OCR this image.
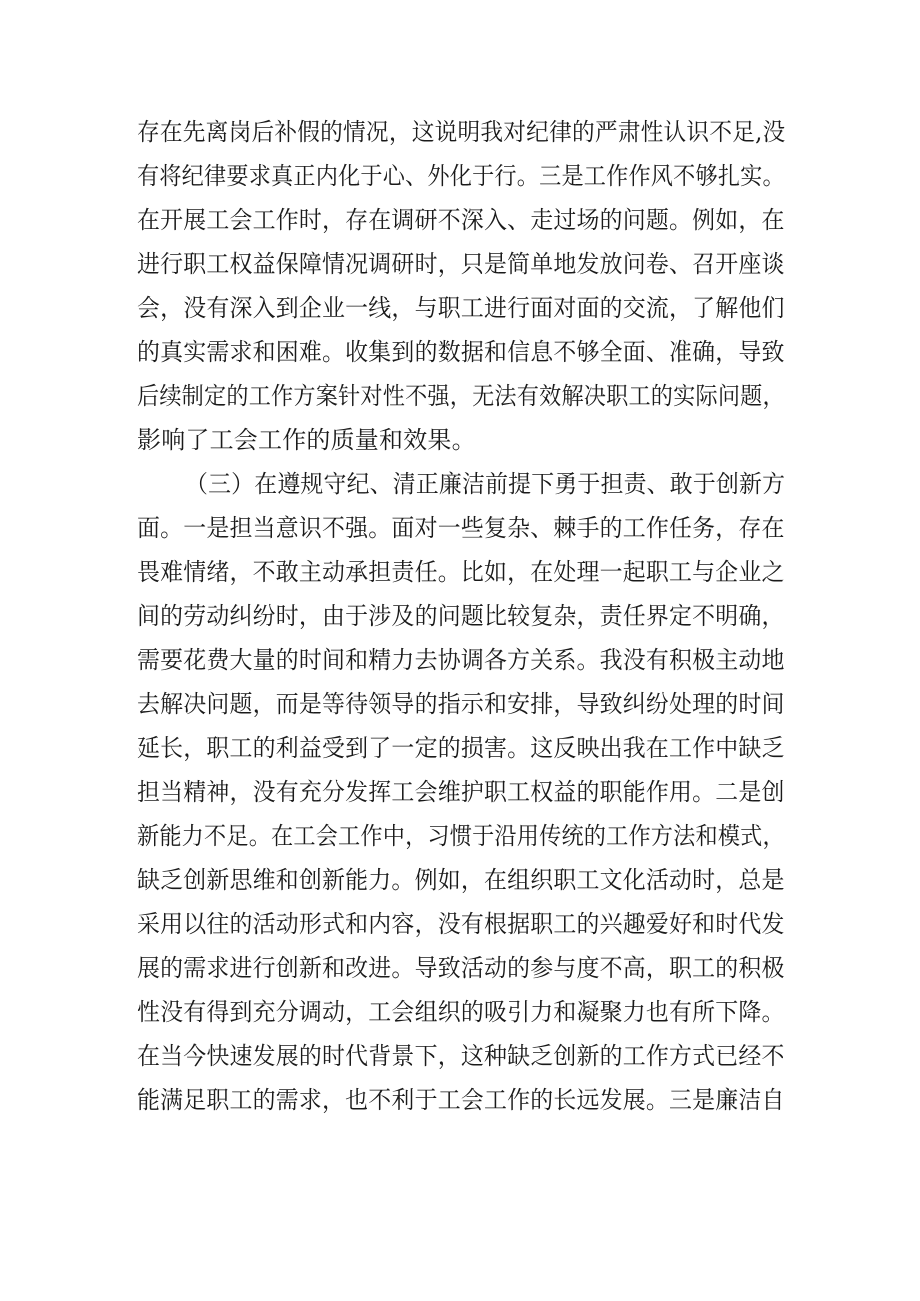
存在先离岗后补假的情况，这说明我对纪律的严肃性认识不足,没
有将纪律要求真正内化于心、外化于行。三是工作作风不够扎实。
在开展工会工作时，存在调研不深入、走过场的问题。例如，在
进行职工权益保障情况调研时，只是简单地发放问卷、召开座谈
会，没有深入到企业一线，与职工进行面对面的交流，了解他们
的真实需求和困难。收集到的数据和信息不够全面、准确，导致
后续制定的工作方案针对性不强，无法有效解决职工的实际问题，
影响了工会工作的质量和效果。
（三）在遵规守纪、清正廉洁前提下勇于担责、敢于创新方
面。一是担当意识不强。面对一些复杂、棘手的工作任务，存在
畏难情绪，不敢主动承担责任。比如，在处理一起职工与企业之
间的劳动纠纷时，由于涉及的问题比较复杂，责任界定不明确，
需要花费大量的时间和精力去协调各方关系。我没有积极主动地
去解决问题，而是等待领导的指示和安排，导致纠纷处理的时间
延长，职工的利益受到了一定的损害。这反映出我在工作中缺乏
担当精神，没有充分发挥工会维护职工权益的职能作用。二是创
新能力不足。在工会工作中，习惯于沿用传统的工作方法和模式，
缺乏创新思维和创新能力。例如，在组织职工文化活动时，总是
采用以往的活动形式和内容，没有根据职工的兴趣爱好和时代发
展的需求进行创新和改进。导致活动的参与度不高，职工的积极
性没有得到充分调动，工会组织的吸引力和凝聚力也有所下降。
在当今快速发展的时代背景下，这种缺乏创新的工作方式已经不
能满足职工的需求，也不利于工会工作的长远发展。三是廉洁自
